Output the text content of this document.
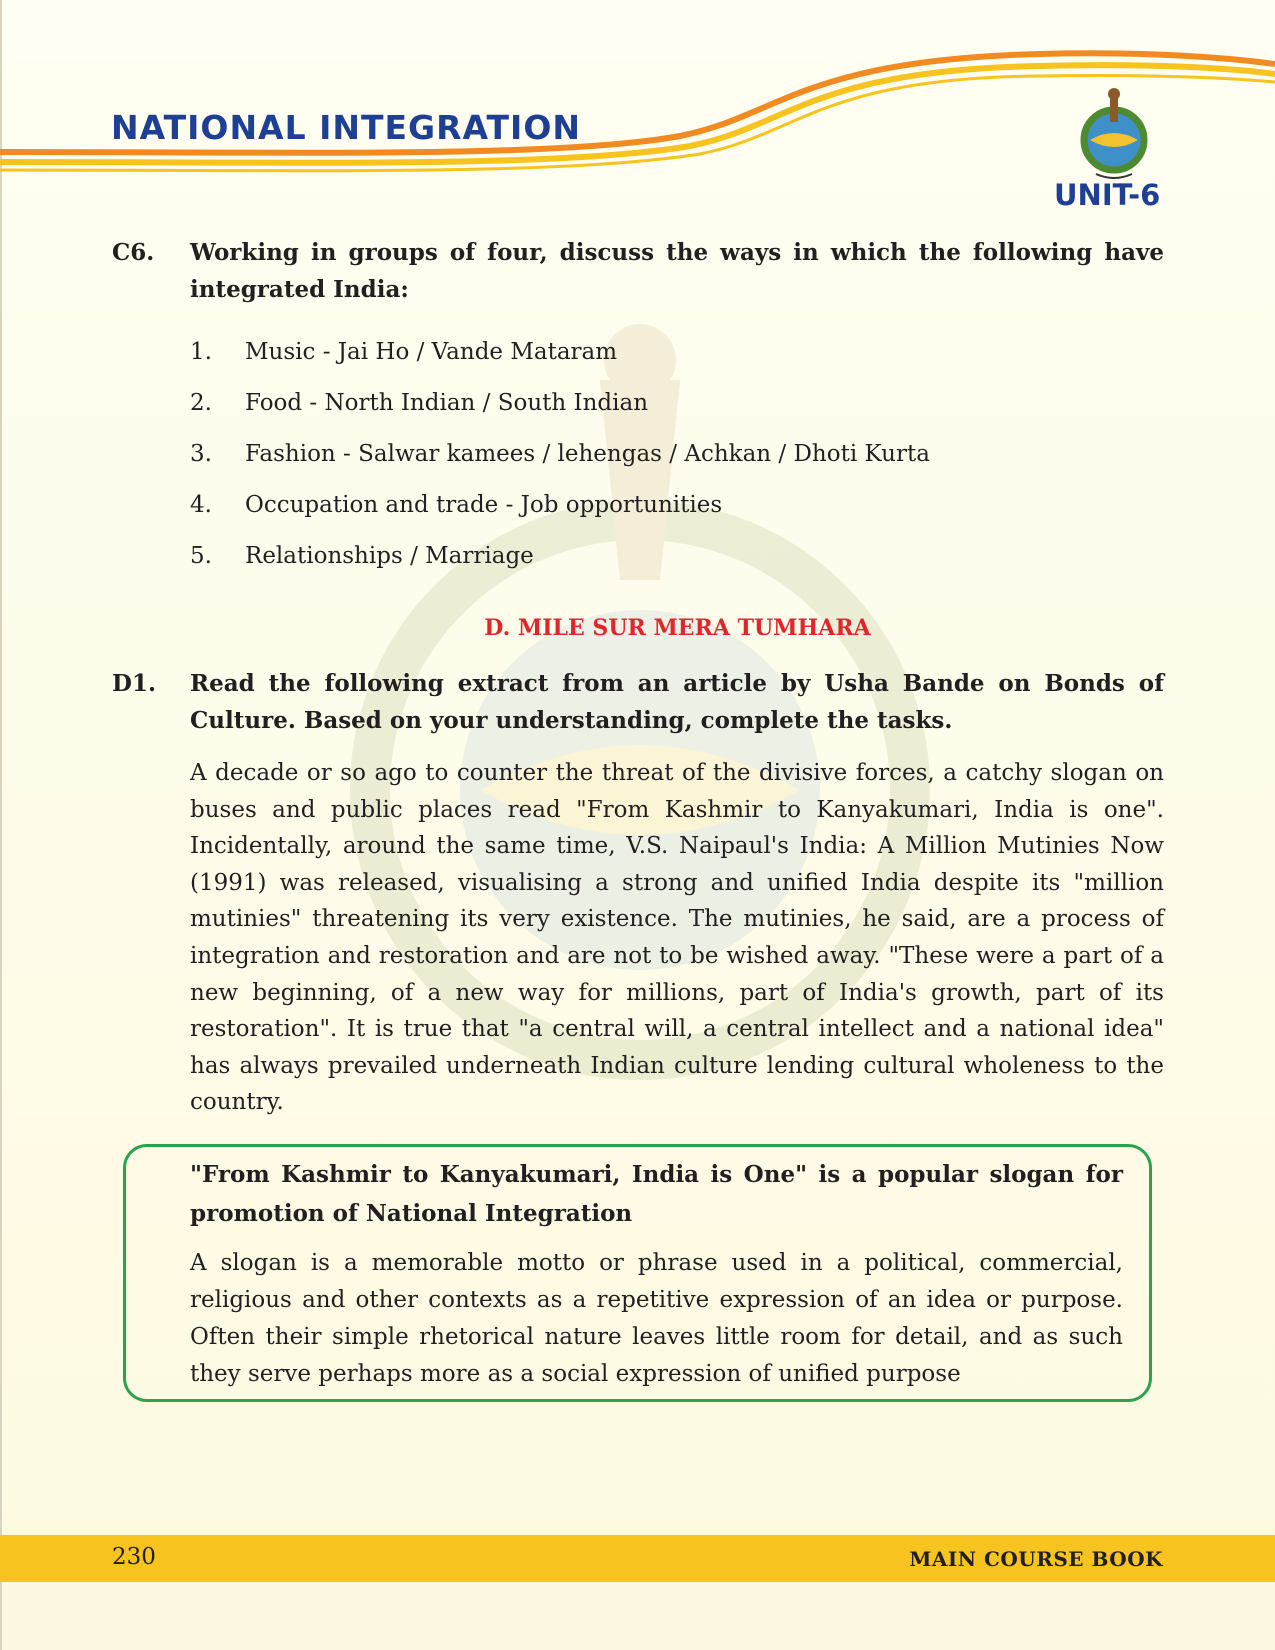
NATIONAL INTEGRATION
UNIT-6
C6. Working in groups of four, discuss the ways in which the following have integrated India:
1. Music - Jai Ho / Vande Mataram
2. Food - North Indian / South Indian
3. Fashion - Salwar kamees / lehengas / Achkan / Dhoti Kurta
4. Occupation and trade - Job opportunities
5. Relationships / Marriage
D. MILE SUR MERA TUMHARA
D1. Read the following extract from an article by Usha Bande on Bonds of Culture. Based on your understanding, complete the tasks.

A decade or so ago to counter the threat of the divisive forces, a catchy slogan on buses and public places read "From Kashmir to Kanyakumari, India is one". Incidentally, around the same time, V.S. Naipaul's India: A Million Mutinies Now (1991) was released, visualising a strong and unified India despite its "million mutinies" threatening its very existence. The mutinies, he said, are a process of integration and restoration and are not to be wished away. "These were a part of a new beginning, of a new way for millions, part of India's growth, part of its restoration". It is true that "a central will, a central intellect and a national idea" has always prevailed underneath Indian culture lending cultural wholeness to the country.

"From Kashmir to Kanyakumari, India is One" is a popular slogan for promotion of National Integration

A slogan is a memorable motto or phrase used in a political, commercial, religious and other contexts as a repetitive expression of an idea or purpose. Often their simple rhetorical nature leaves little room for detail, and as such they serve perhaps more as a social expression of unified purpose

230	MAIN COURSE BOOK
